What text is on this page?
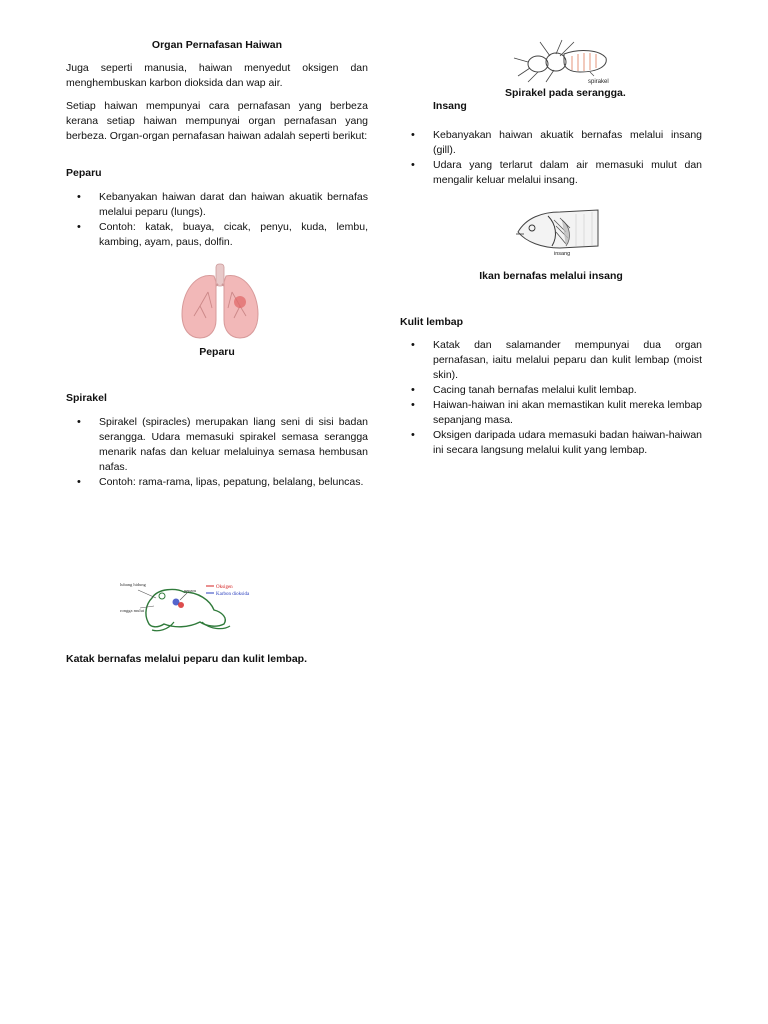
Organ Pernafasan Haiwan

Juga seperti manusia, haiwan menyedut oksigen dan menghembuskan karbon dioksida dan wap air.

Setiap haiwan mempunyai cara pernafasan yang berbeza kerana setiap haiwan mempunyai organ pernafasan yang berbeza. Organ-organ pernafasan haiwan adalah seperti berikut:

Peparu
• Kebanyakan haiwan darat dan haiwan akuatik bernafas melalui peparu (lungs).
• Contoh: katak, buaya, cicak, penyu, kuda, lembu, kambing, ayam, paus, dolfin.
Peparu
Spirakel
• Spirakel (spiracles) merupakan liang seni di sisi badan serangga. Udara memasuki spirakel semasa serangga menarik nafas dan keluar melaluinya semasa hembusan nafas.
• Contoh: rama-rama, lipas, pepatung, belalang, beluncas.
lubang hidung
rongga mulut
peparu
Oksigen
Karbon dioksida
Katak bernafas melalui peparu dan kulit lembap.
spirakel
Spirakel pada serangga.
Insang
• Kebanyakan haiwan akuatik bernafas melalui insang (gill).
• Udara yang terlarut dalam air memasuki mulut dan mengalir keluar melalui insang.
insang
Ikan bernafas melalui insang
Kulit lembap
• Katak dan salamander mempunyai dua organ pernafasan, iaitu melalui peparu dan kulit lembap (moist skin).
• Cacing tanah bernafas melalui kulit lembap.
• Haiwan-haiwan ini akan memastikan kulit mereka lembap sepanjang masa.
• Oksigen daripada udara memasuki badan haiwan-haiwan ini secara langsung melalui kulit yang lembap.
